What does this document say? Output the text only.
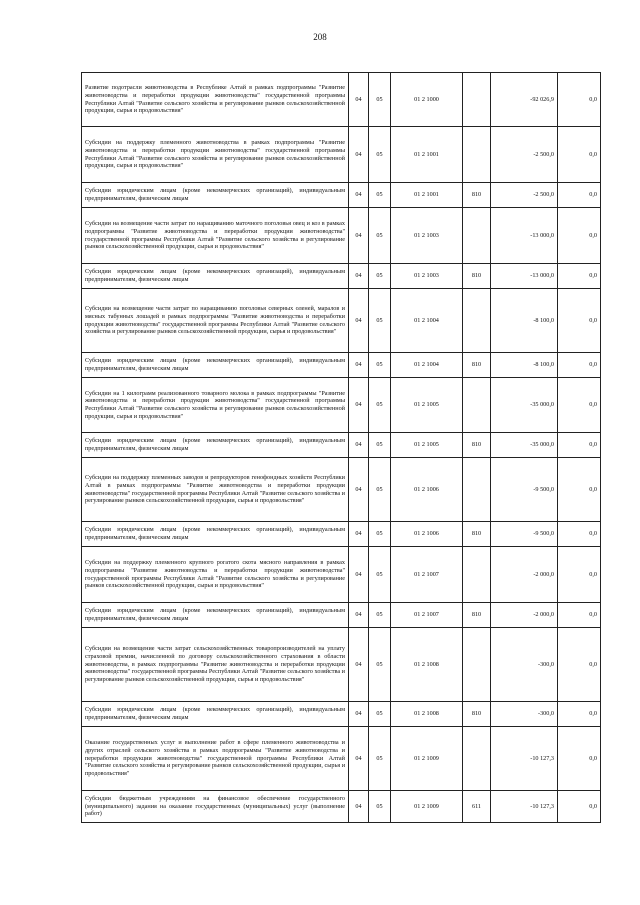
208
Развитие подотрасли животноводства в Республике Алтай в рамках подпрограммы "Развитие животноводства и переработки продукции животноводства" государственной программы Республики Алтай "Развитие сельского хозяйства и регулирование рынков сельскохозяйственной продукции, сырья и продовольствия"	04	05	01 2 1000		-92 026,9	0,0
Субсидии на поддержку племенного животноводства в рамках подпрограммы "Развитие животноводства и переработки продукции животноводства" государственной программы Республики Алтай "Развитие сельского хозяйства и регулирование рынков сельскохозяйственной продукции, сырья и продовольствия"	04	05	01 2 1001		-2 500,0	0,0
Субсидии юридическим лицам (кроме некоммерческих организаций), индивидуальным предпринимателям, физическим лицам	04	05	01 2 1001	810	-2 500,0	0,0
Субсидии на возмещение части затрат по наращиванию маточного поголовья овец и коз в рамках подпрограммы "Развитие животноводства и переработки продукции животноводства" государственной программы Республики Алтай "Развитие сельского хозяйства и регулирование рынков сельскохозяйственной продукции, сырья и продовольствия"	04	05	01 2 1003		-13 000,0	0,0
Субсидии юридическим лицам (кроме некоммерческих организаций), индивидуальным предпринимателям, физическим лицам	04	05	01 2 1003	810	-13 000,0	0,0
Субсидии на возмещение части затрат по наращиванию поголовья северных оленей, маралов и мясных табунных лошадей в рамках подпрограммы "Развитие животноводства и переработки продукции животноводства" государственной программы Республики Алтай "Развитие сельского хозяйства и регулирование рынков сельскохозяйственной продукции, сырья и продовольствия"	04	05	01 2 1004		-8 100,0	0,0
Субсидии юридическим лицам (кроме некоммерческих организаций), индивидуальным предпринимателям, физическим лицам	04	05	01 2 1004	810	-8 100,0	0,0
Субсидии на 1 килограмм реализованного товарного молока в рамках подпрограммы "Развитие животноводства и переработки продукции животноводства" государственной программы Республики Алтай "Развитие сельского хозяйства и регулирование рынков сельскохозяйственной продукции, сырья и продовольствия"	04	05	01 2 1005		-35 000,0	0,0
Субсидии юридическим лицам (кроме некоммерческих организаций), индивидуальным предпринимателям, физическим лицам	04	05	01 2 1005	810	-35 000,0	0,0
Субсидии на поддержку племенных заводов и репродукторов генофондных хозяйств Республики Алтай в рамках подпрограммы "Развитие животноводства и переработки продукции животноводства" государственной программы Республики Алтай "Развитие сельского хозяйства и регулирование рынков сельскохозяйственной продукции, сырья и продовольствия"	04	05	01 2 1006		-9 500,0	0,0
Субсидии юридическим лицам (кроме некоммерческих организаций), индивидуальным предпринимателям, физическим лицам	04	05	01 2 1006	810	-9 500,0	0,0
Субсидии на поддержку племенного крупного рогатого скота мясного направления в рамках подпрограммы "Развитие животноводства и переработки продукции животноводства" государственной программы Республики Алтай "Развитие сельского хозяйства и регулирование рынков сельскохозяйственной продукции, сырья и продовольствия"	04	05	01 2 1007		-2 000,0	0,0
Субсидии юридическим лицам (кроме некоммерческих организаций), индивидуальным предпринимателям, физическим лицам	04	05	01 2 1007	810	-2 000,0	0,0
Субсидии на возмещение части затрат сельскохозяйственных товаропроизводителей на уплату страховой премии, начисленной по договору сельскохозяйственного страхования в области животноводства, в рамках подпрограммы "Развитие животноводства и переработки продукции животноводства" государственной программы Республики Алтай "Развитие сельского хозяйства и регулирование рынков сельскохозяйственной продукции, сырья и продовольствия"	04	05	01 2 1008		-300,0	0,0
Субсидии юридическим лицам (кроме некоммерческих организаций), индивидуальным предпринимателям, физическим лицам	04	05	01 2 1008	810	-300,0	0,0
Оказание государственных услуг и выполнение работ в сфере племенного животноводства и других отраслей сельского хозяйства в рамках подпрограммы "Развитие животноводства и переработки продукции животноводства" государственной программы Республики Алтай "Развитие сельского хозяйства и регулирование рынков сельскохозяйственной продукции, сырья и продовольствия"	04	05	01 2 1009		-10 127,3	0,0
Субсидии бюджетным учреждениям на финансовое обеспечение государственного (муниципального) задания на оказание государственных (муниципальных) услуг (выполнение работ)	04	05	01 2 1009	611	-10 127,3	0,0
